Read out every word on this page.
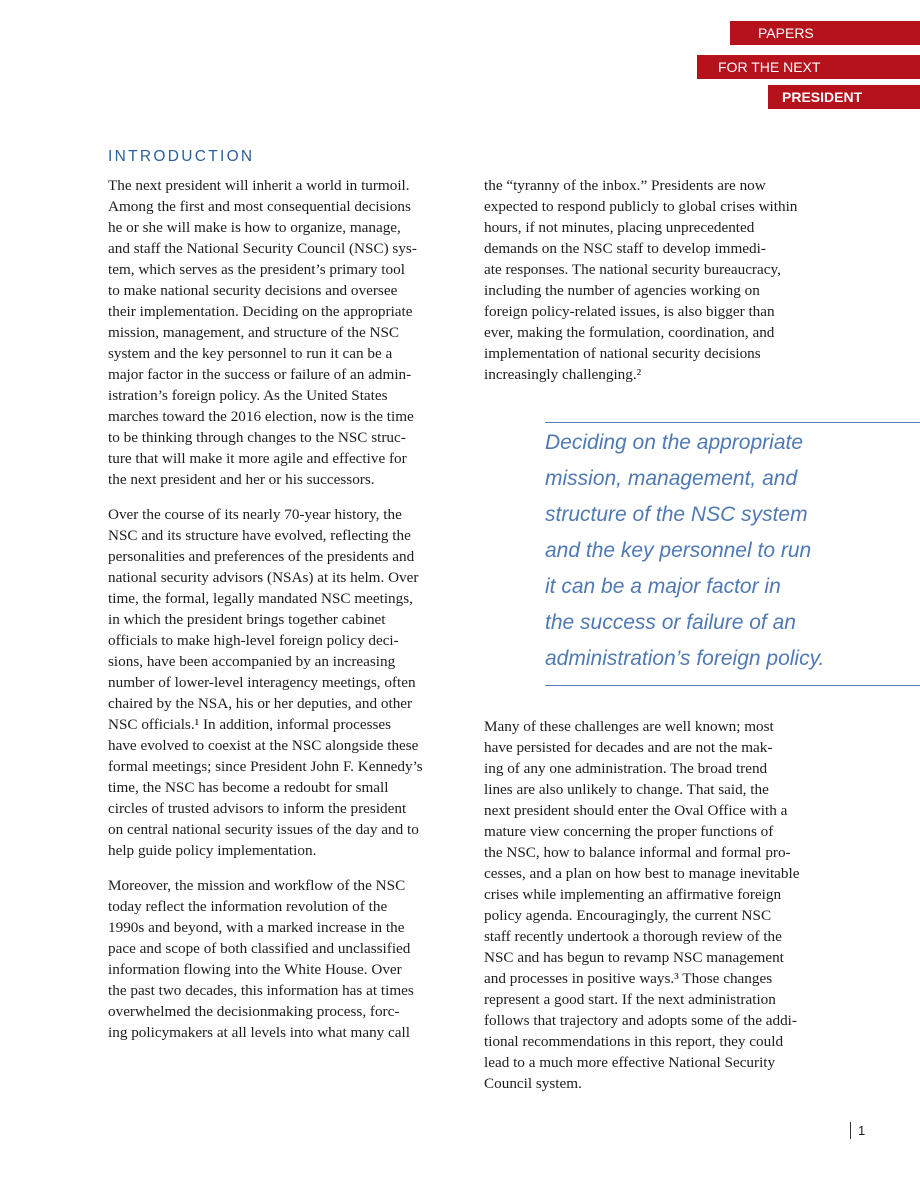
PAPERS
FOR THE NEXT
PRESIDENT
INTRODUCTION

The next president will inherit a world in turmoil.
Among the first and most consequential decisions
he or she will make is how to organize, manage,
and staff the National Security Council (NSC) sys-
tem, which serves as the president’s primary tool
to make national security decisions and oversee
their implementation. Deciding on the appropriate
mission, management, and structure of the NSC
system and the key personnel to run it can be a
major factor in the success or failure of an admin-
istration’s foreign policy. As the United States
marches toward the 2016 election, now is the time
to be thinking through changes to the NSC struc-
ture that will make it more agile and effective for
the next president and her or his successors.

Over the course of its nearly 70-year history, the
NSC and its structure have evolved, reflecting the
personalities and preferences of the presidents and
national security advisors (NSAs) at its helm. Over
time, the formal, legally mandated NSC meetings,
in which the president brings together cabinet
officials to make high-level foreign policy deci-
sions, have been accompanied by an increasing
number of lower-level interagency meetings, often
chaired by the NSA, his or her deputies, and other
NSC officials.¹ In addition, informal processes
have evolved to coexist at the NSC alongside these
formal meetings; since President John F. Kennedy’s
time, the NSC has become a redoubt for small
circles of trusted advisors to inform the president
on central national security issues of the day and to
help guide policy implementation.

Moreover, the mission and workflow of the NSC
today reflect the information revolution of the
1990s and beyond, with a marked increase in the
pace and scope of both classified and unclassified
information flowing into the White House. Over
the past two decades, this information has at times
overwhelmed the decisionmaking process, forc-
ing policymakers at all levels into what many call

the “tyranny of the inbox.” Presidents are now
expected to respond publicly to global crises within
hours, if not minutes, placing unprecedented
demands on the NSC staff to develop immedi-
ate responses. The national security bureaucracy,
including the number of agencies working on
foreign policy-related issues, is also bigger than
ever, making the formulation, coordination, and
implementation of national security decisions
increasingly challenging.²

Deciding on the appropriate
mission, management, and
structure of the NSC system
and the key personnel to run
it can be a major factor in
the success or failure of an
administration’s foreign policy.

Many of these challenges are well known; most
have persisted for decades and are not the mak-
ing of any one administration. The broad trend
lines are also unlikely to change. That said, the
next president should enter the Oval Office with a
mature view concerning the proper functions of
the NSC, how to balance informal and formal pro-
cesses, and a plan on how best to manage inevitable
crises while implementing an affirmative foreign
policy agenda. Encouragingly, the current NSC
staff recently undertook a thorough review of the
NSC and has begun to revamp NSC management
and processes in positive ways.³ Those changes
represent a good start. If the next administration
follows that trajectory and adopts some of the addi-
tional recommendations in this report, they could
lead to a much more effective National Security
Council system.

1
